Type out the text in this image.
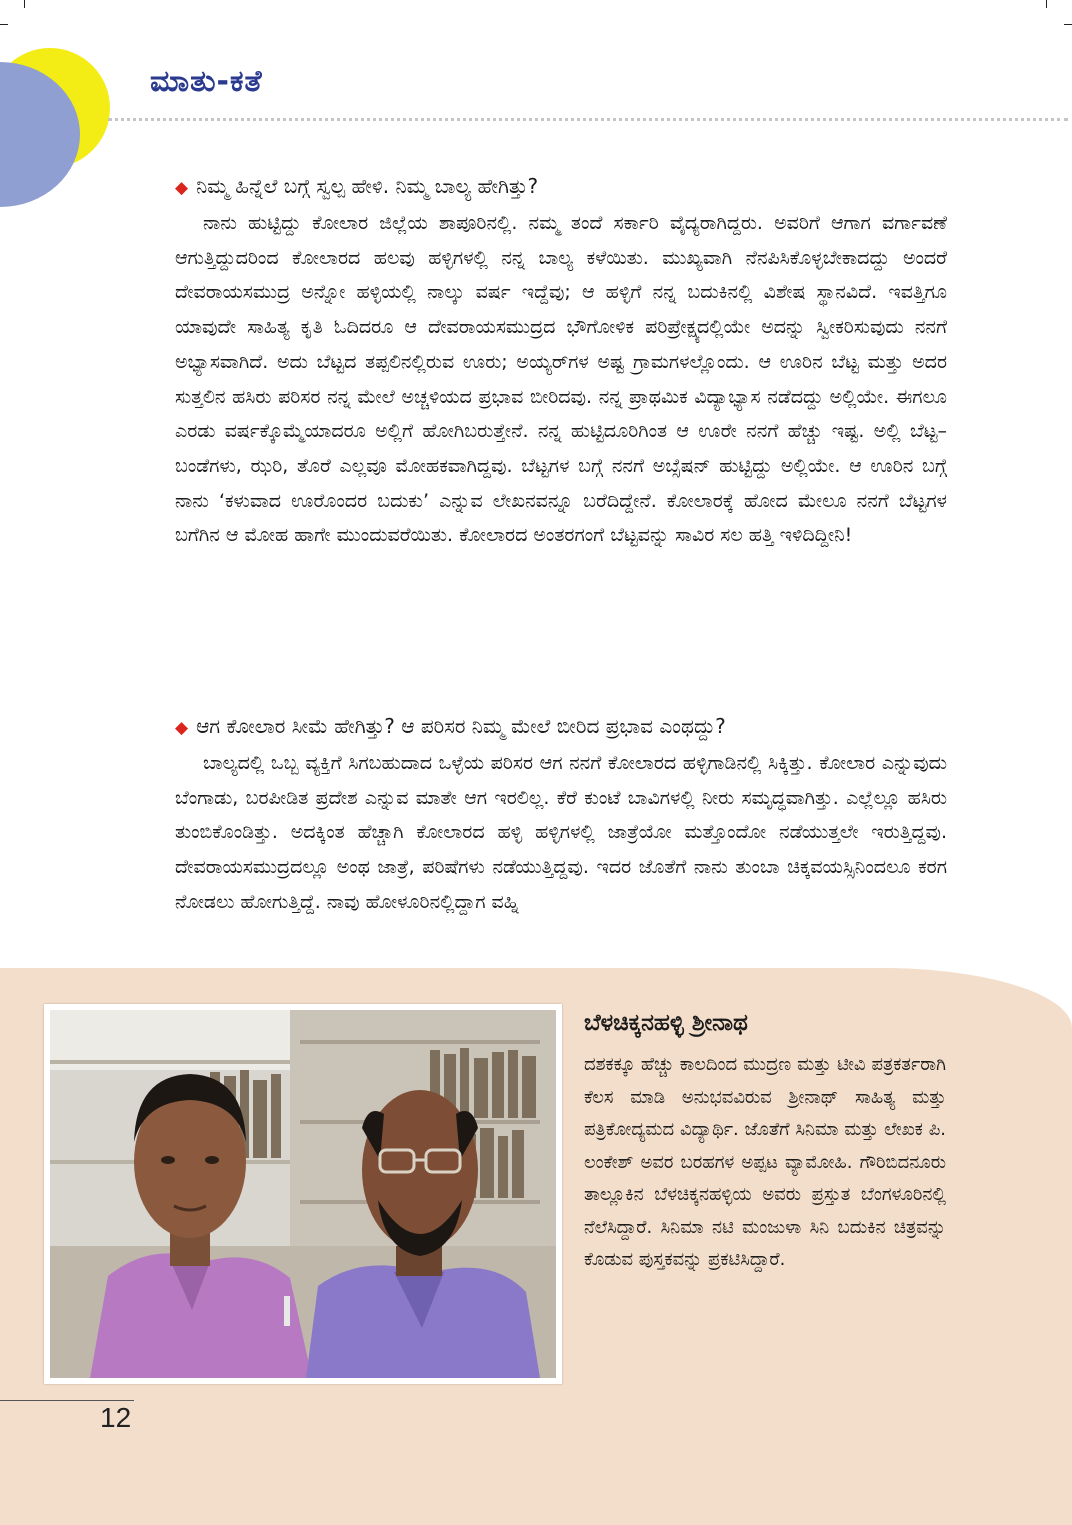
ಮಾತು-ಕತೆ

◆ ನಿಮ್ಮ ಹಿನ್ನೆಲೆ ಬಗ್ಗೆ ಸ್ವಲ್ಪ ಹೇಳಿ. ನಿಮ್ಮ ಬಾಲ್ಯ ಹೇಗಿತ್ತು?

ನಾನು ಹುಟ್ಟಿದ್ದು ಕೋಲಾರ ಜಿಲ್ಲೆಯ ಶಾಪೂರಿನಲ್ಲಿ. ನಮ್ಮ ತಂದೆ ಸರ್ಕಾರಿ ವೈದ್ಯರಾಗಿದ್ದರು. ಅವರಿಗೆ ಆಗಾಗ ವರ್ಗಾವಣೆ ಆಗುತ್ತಿದ್ದುದರಿಂದ ಕೋಲಾರದ ಹಲವು ಹಳ್ಳಿಗಳಲ್ಲಿ ನನ್ನ ಬಾಲ್ಯ ಕಳೆಯಿತು. ಮುಖ್ಯವಾಗಿ ನೆನಪಿಸಿಕೊಳ್ಳಬೇಕಾದದ್ದು ಅಂದರೆ ದೇವರಾಯಸಮುದ್ರ ಅನ್ನೋ ಹಳ್ಳಿಯಲ್ಲಿ ನಾಲ್ಕು ವರ್ಷ ಇದ್ದೆವು; ಆ ಹಳ್ಳಿಗೆ ನನ್ನ ಬದುಕಿನಲ್ಲಿ ವಿಶೇಷ ಸ್ಥಾನವಿದೆ. ಇವತ್ತಿಗೂ ಯಾವುದೇ ಸಾಹಿತ್ಯ ಕೃತಿ ಓದಿದರೂ ಆ ದೇವರಾಯಸಮುದ್ರದ ಭೌಗೋಳಿಕ ಪರಿಪ್ರೇಕ್ಷ್ಯದಲ್ಲಿಯೇ ಅದನ್ನು ಸ್ವೀಕರಿಸುವುದು ನನಗೆ ಅಭ್ಯಾಸವಾಗಿದೆ. ಅದು ಬೆಟ್ಟದ ತಪ್ಪಲಿನಲ್ಲಿರುವ ಊರು; ಅಯ್ಯರ್‌ಗಳ ಅಷ್ಟ ಗ್ರಾಮಗಳಲ್ಲೊಂದು. ಆ ಊರಿನ ಬೆಟ್ಟ ಮತ್ತು ಅದರ ಸುತ್ತಲಿನ ಹಸಿರು ಪರಿಸರ ನನ್ನ ಮೇಲೆ ಅಚ್ಚಳಿಯದ ಪ್ರಭಾವ ಬೀರಿದವು. ನನ್ನ ಪ್ರಾಥಮಿಕ ವಿದ್ಯಾಭ್ಯಾಸ ನಡೆದದ್ದು ಅಲ್ಲಿಯೇ. ಈಗಲೂ ಎರಡು ವರ್ಷಕ್ಕೊಮ್ಮೆಯಾದರೂ ಅಲ್ಲಿಗೆ ಹೋಗಿಬರುತ್ತೇನೆ. ನನ್ನ ಹುಟ್ಟಿದೂರಿಗಿಂತ ಆ ಊರೇ ನನಗೆ ಹೆಚ್ಚು ಇಷ್ಟ. ಅಲ್ಲಿ ಬೆಟ್ಟ–ಬಂಡೆಗಳು, ಝರಿ, ತೊರೆ ಎಲ್ಲವೂ ಮೋಹಕವಾಗಿದ್ದವು. ಬೆಟ್ಟಗಳ ಬಗ್ಗೆ ನನಗೆ ಅಬ್ಸೆಷನ್ ಹುಟ್ಟಿದ್ದು ಅಲ್ಲಿಯೇ. ಆ ಊರಿನ ಬಗ್ಗೆ ನಾನು ‘ಕಳುವಾದ ಊರೊಂದರ ಬದುಕು’ ಎನ್ನುವ ಲೇಖನವನ್ನೂ ಬರೆದಿದ್ದೇನೆ. ಕೋಲಾರಕ್ಕೆ ಹೋದ ಮೇಲೂ ನನಗೆ ಬೆಟ್ಟಗಳ ಬಗೆಗಿನ ಆ ಮೋಹ ಹಾಗೇ ಮುಂದುವರೆಯಿತು. ಕೋಲಾರದ ಅಂತರಗಂಗೆ ಬೆಟ್ಟವನ್ನು ಸಾವಿರ ಸಲ ಹತ್ತಿ ಇಳಿದಿದ್ದೀನಿ!

◆ ಆಗ ಕೋಲಾರ ಸೀಮೆ ಹೇಗಿತ್ತು? ಆ ಪರಿಸರ ನಿಮ್ಮ ಮೇಲೆ ಬೀರಿದ ಪ್ರಭಾವ ಎಂಥದ್ದು?

ಬಾಲ್ಯದಲ್ಲಿ ಒಬ್ಬ ವ್ಯಕ್ತಿಗೆ ಸಿಗಬಹುದಾದ ಒಳ್ಳೆಯ ಪರಿಸರ ಆಗ ನನಗೆ ಕೋಲಾರದ ಹಳ್ಳಿಗಾಡಿನಲ್ಲಿ ಸಿಕ್ಕಿತ್ತು. ಕೋಲಾರ ಎನ್ನುವುದು ಬೆಂಗಾಡು, ಬರಪೀಡಿತ ಪ್ರದೇಶ ಎನ್ನುವ ಮಾತೇ ಆಗ ಇರಲಿಲ್ಲ. ಕೆರೆ ಕುಂಟೆ ಬಾವಿಗಳಲ್ಲಿ ನೀರು ಸಮೃದ್ಧವಾಗಿತ್ತು. ಎಲ್ಲೆಲ್ಲೂ ಹಸಿರು ತುಂಬಿಕೊಂಡಿತ್ತು. ಅದಕ್ಕಿಂತ ಹೆಚ್ಚಾಗಿ ಕೋಲಾರದ ಹಳ್ಳಿ ಹಳ್ಳಿಗಳಲ್ಲಿ ಜಾತ್ರೆಯೋ ಮತ್ತೊಂದೋ ನಡೆಯುತ್ತಲೇ ಇರುತ್ತಿದ್ದವು. ದೇವರಾಯಸಮುದ್ರದಲ್ಲೂ ಅಂಥ ಜಾತ್ರೆ, ಪರಿಷೆಗಳು ನಡೆಯುತ್ತಿದ್ದವು. ಇದರ ಜೊತೆಗೆ ನಾನು ತುಂಬಾ ಚಿಕ್ಕವಯಸ್ಸಿನಿಂದಲೂ ಕರಗ ನೋಡಲು ಹೋಗುತ್ತಿದ್ದೆ. ನಾವು ಹೋಳೂರಿನಲ್ಲಿದ್ದಾಗ ವಹ್ನಿ

ಬೆಳಚಿಕ್ಕನಹಳ್ಳಿ ಶ್ರೀನಾಥ

ದಶಕಕ್ಕೂ ಹೆಚ್ಚು ಕಾಲದಿಂದ ಮುದ್ರಣ ಮತ್ತು ಟೀವಿ ಪತ್ರಕರ್ತರಾಗಿ ಕೆಲಸ ಮಾಡಿ ಅನುಭವವಿರುವ ಶ್ರೀನಾಥ್ ಸಾಹಿತ್ಯ ಮತ್ತು ಪತ್ರಿಕೋದ್ಯಮದ ವಿದ್ಯಾರ್ಥಿ. ಜೊತೆಗೆ ಸಿನಿಮಾ ಮತ್ತು ಲೇಖಕ ಪಿ. ಲಂಕೇಶ್ ಅವರ ಬರಹಗಳ ಅಪ್ಪಟ ವ್ಯಾಮೋಹಿ. ಗೌರಿಬಿದನೂರು ತಾಲ್ಲೂಕಿನ ಬೆಳಚಿಕ್ಕನಹಳ್ಳಿಯ ಅವರು ಪ್ರಸ್ತುತ ಬೆಂಗಳೂರಿನಲ್ಲಿ ನೆಲೆಸಿದ್ದಾರೆ. ಸಿನಿಮಾ ನಟಿ ಮಂಜುಳಾ ಸಿನಿ ಬದುಕಿನ ಚಿತ್ರವನ್ನು ಕೊಡುವ ಪುಸ್ತಕವನ್ನು ಪ್ರಕಟಿಸಿದ್ದಾರೆ.

12
